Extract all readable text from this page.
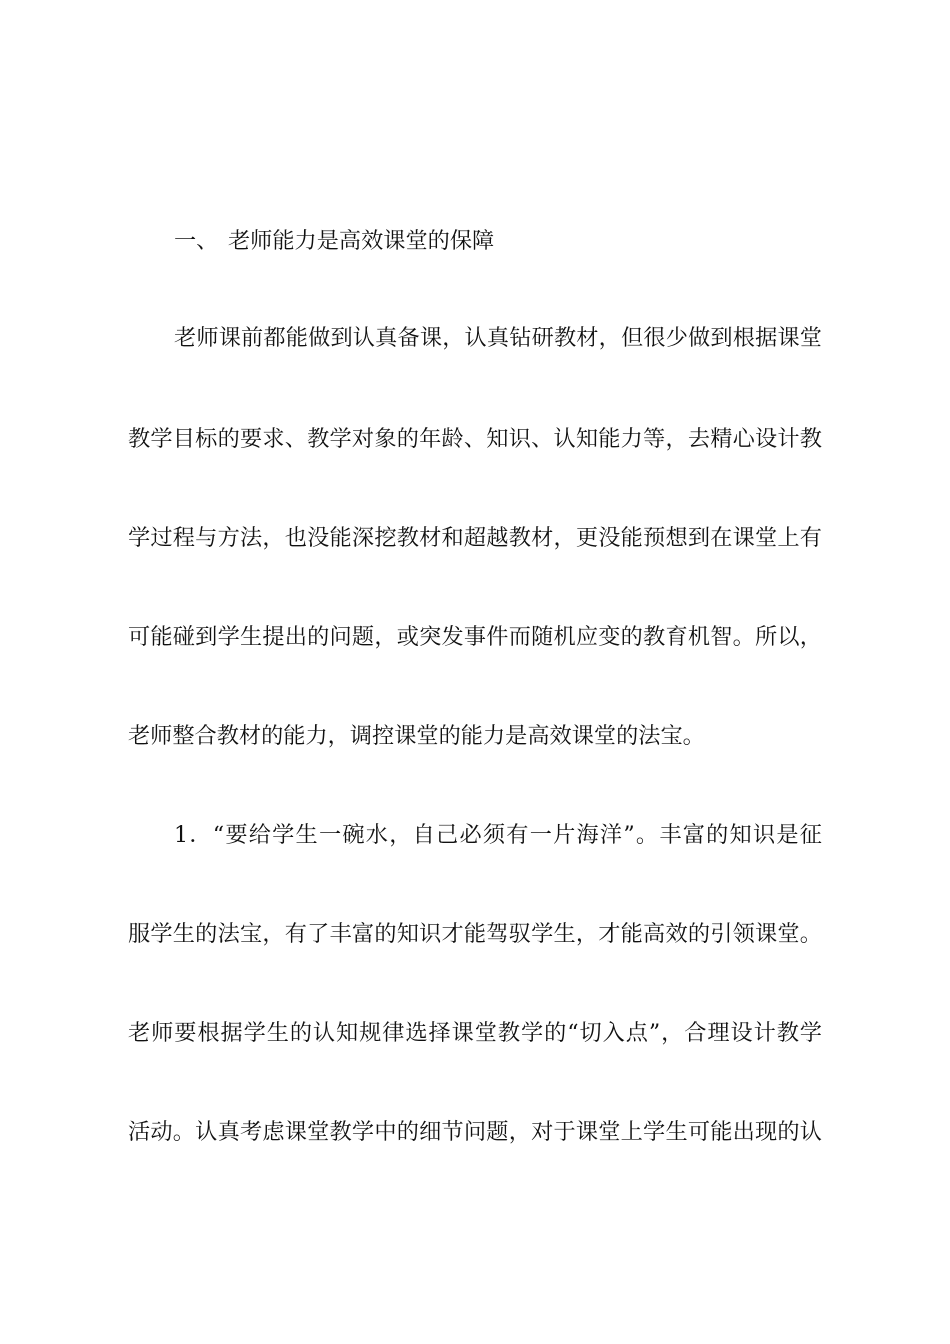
一、 老师能力是高效课堂的保障
老师课前都能做到认真备课，认真钻研教材，但很少做到根据课堂
教学目标的要求、教学对象的年龄、知识、认知能力等，去精心设计教
学过程与方法，也没能深挖教材和超越教材，更没能预想到在课堂上有
可能碰到学生提出的问题，或突发事件而随机应变的教育机智。所以，
老师整合教材的能力，调控课堂的能力是高效课堂的法宝。
1．“要给学生一碗水，自己必须有一片海洋”。丰富的知识是征
服学生的法宝，有了丰富的知识才能驾驭学生，才能高效的引领课堂。
老师要根据学生的认知规律选择课堂教学的“切入点”，合理设计教学
活动。认真考虑课堂教学中的细节问题，对于课堂上学生可能出现的认
